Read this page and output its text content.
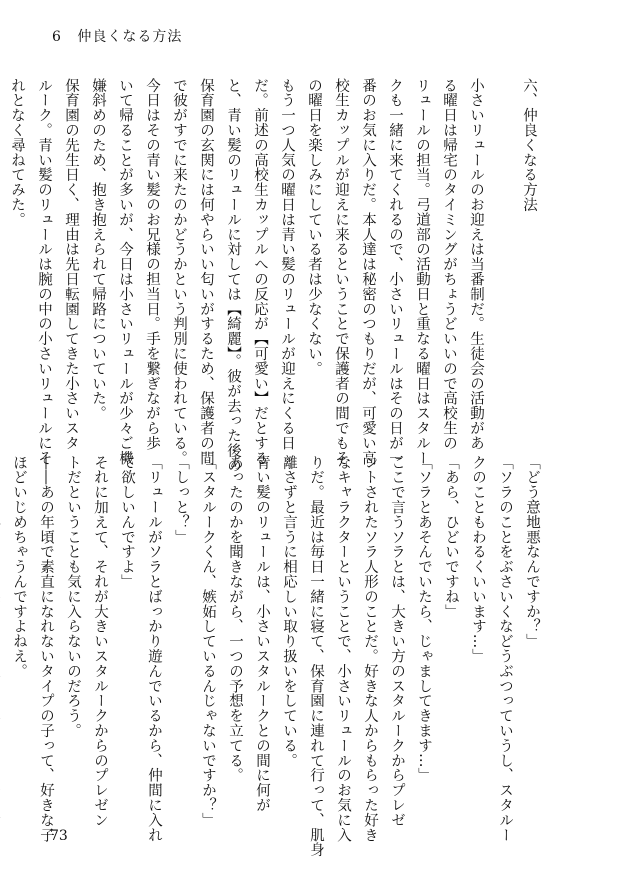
6 仲良くなる方法
六、仲良くなる方法
小さいリュールのお迎えは当番制だ。生徒会の活動があ
る曜日は帰宅のタイミングがちょうどいいので高校生の
リュールの担当。弓道部の活動日と重なる曜日はスタルー
クも一緒に来てくれるので、小さいリュールはその日が一
番のお気に入りだ。本人達は秘密のつもりだが、可愛い高
校生カップルが迎えに来るということで保護者の間でもそ
の曜日を楽しみにしている者は少なくない。
もう一つ人気の曜日は青い髪のリュールが迎えにくる日
だ。前述の高校生カップルへの反応が【可愛い】だとする
と、青い髪のリュールに対しては【綺麗】。彼が去った後の
保育園の玄関には何やらいい匂いがするため、保護者の間
で彼がすでに来たのかどうかという判別に使われている。
今日はその青い髪のお兄様の担当日。手を繋ぎながら歩
いて帰ることが多いが、今日は小さいリュールが少々ご機
嫌斜めのため、抱き抱えられて帰路についていた。
保育園の先生日く、理由は先日転園してきた小さいスタ
ルーク。青い髪のリュールは腕の中の小さいリュールにそ
れとなく尋ねてみた。
「どう意地悪なんですか？」
「ソラのことをぶさいくなどうぶつっていうし、スタルー
クのこともわるくいいます…」
「あら、ひどいですね」
「ソラとあそんでいたら、じゃましてきます…」
ここで言うソラとは、大きい方のスタルークからプレゼ
ントされたソラ人形のことだ。好きな人からもらった好き
なキャラクターということで、小さいリュールのお気に入
りだ。最近は毎日一緒に寝て、保育園に連れて行って、肌身
離さずと言うに相応しい取り扱いをしている。
青い髪のリュールは、小さいスタルークとの間に何が
あったのかを聞きながら、一つの予想を立てる。
「スタルークくん、嫉妬しているんじゃないですか？」
「しっと？」
「リュールがソラとばっかり遊んでいるから、仲間に入れ
て欲しいんですよ」
それに加えて、それが大きいスタルークからのプレゼン
トだということも気に入らないのだろう。
――あの年頃で素直になれないタイプの子って、好きな子
ほどいじめちゃうんですよねえ。
73
